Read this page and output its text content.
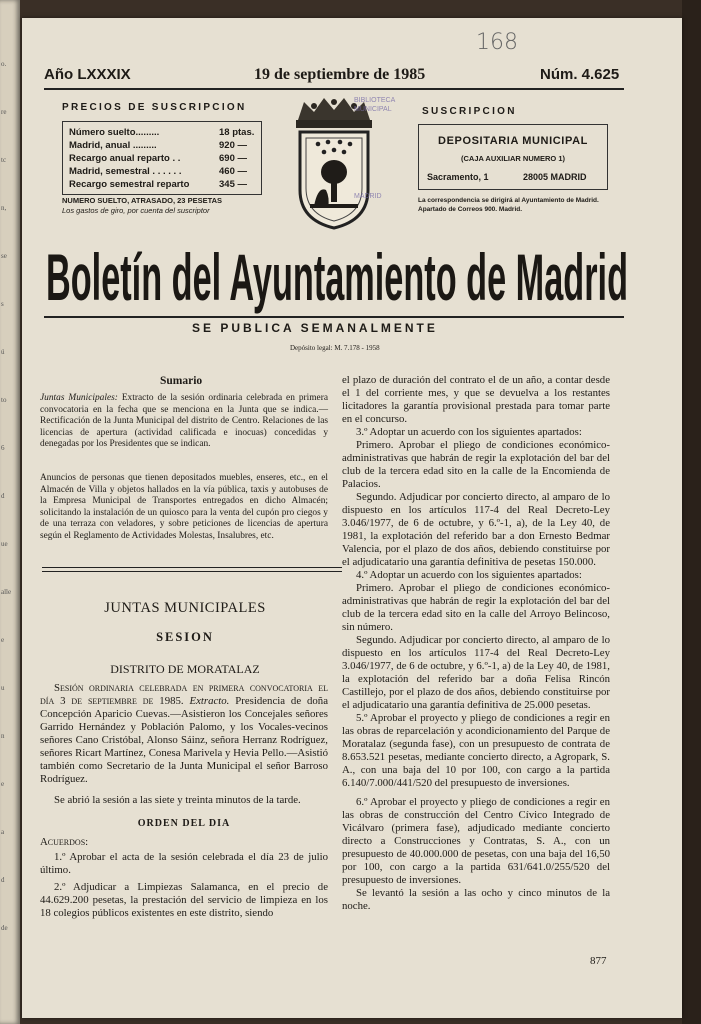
o.
re
tc
n,
se
s
ú
to
6
d
ue
alle
e
u
n
e
a
d
de
168
Año LXXXIX	19 de septiembre de 1985	Núm. 4.625
PRECIOS DE SUSCRIPCION
Número suelto.........	18 ptas.
Madrid, anual .........	920 —
Recargo anual reparto . .	690 —
Madrid, semestral . . . . . .	460 —
Recargo semestral reparto	345 —
NUMERO SUELTO, ATRASADO, 23 PESETAS
Los gastos de giro, por cuenta del suscriptor
BIBLIOTECA
MUNICIPAL
MADRID
SUSCRIPCION
DEPOSITARIA MUNICIPAL
(CAJA AUXILIAR NUMERO 1)
Sacramento, 1	28005 MADRID
La correspondencia se dirigirá al Ayuntamiento de Madrid. Apartado de Correos 900. Madrid.
Boletín del Ayuntamiento de Madrid
SE PUBLICA SEMANALMENTE
Depósito legal: M. 7.178 - 1958
Sumario
Juntas Municipales: Extracto de la sesión ordinaria celebrada en primera convocatoria en la fecha que se menciona en la Junta que se indica.—Rectificación de la Junta Municipal del distrito de Centro. Relaciones de las licencias de apertura (actividad calificada e inocuas) concedidas y denegadas por los Presidentes que se indican.
Anuncios de personas que tienen depositados muebles, enseres, etc., en el Almacén de Villa y objetos hallados en la vía pública, taxis y autobuses de la Empresa Municipal de Transportes entregados en dicho Almacén; solicitando la instalación de un quiosco para la venta del cupón pro ciegos y de una terraza con veladores, y sobre peticiones de licencias de apertura según el Reglamento de Actividades Molestas, Insalubres, etc.
JUNTAS MUNICIPALES
SESION
DISTRITO DE MORATALAZ

Sesión ordinaria celebrada en primera convocatoria el día 3 de septiembre de 1985. Extracto. Presidencia de doña Concepción Aparicio Cuevas.—Asistieron los Concejales señores Garrido Hernández y Población Palomo, y los Vocales-vecinos señores Cano Cristóbal, Alonso Sáinz, señora Herranz Rodríguez, señores Ricart Martínez, Conesa Marivela y Hevia Pello.—Asistió también como Secretario de la Junta Municipal el señor Barroso Rodríguez.

Se abrió la sesión a las siete y treinta minutos de la tarde.

ORDEN DEL DIA

Acuerdos:

1.º Aprobar el acta de la sesión celebrada el día 23 de julio último.

2.º Adjudicar a Limpiezas Salamanca, en el precio de 44.629.200 pesetas, la prestación del servicio de limpieza en los 18 colegios públicos existentes en este distrito, siendo

el plazo de duración del contrato el de un año, a contar desde el 1 del corriente mes, y que se devuelva a los restantes licitadores la garantía provisional prestada para tomar parte en el concurso.

3.º Adoptar un acuerdo con los siguientes apartados:

Primero. Aprobar el pliego de condiciones económico-administrativas que habrán de regir la explotación del bar del club de la tercera edad sito en la calle de la Encomienda de Palacios.

Segundo. Adjudicar por concierto directo, al amparo de lo dispuesto en los artículos 117-4 del Real Decreto-Ley 3.046/1977, de 6 de octubre, y 6.º-1, a), de la Ley 40, de 1981, la explotación del referido bar a don Ernesto Bedmar Valencia, por el plazo de dos años, debiendo constituirse por el adjudicatario una garantía definitiva de pesetas 150.000.

4.º Adoptar un acuerdo con los siguientes apartados:

Primero. Aprobar el pliego de condiciones económico-administrativas que habrán de regir la explotación del bar del club de la tercera edad sito en la calle del Arroyo Belincoso, sin número.

Segundo. Adjudicar por concierto directo, al amparo de lo dispuesto en los artículos 117-4 del Real Decreto-Ley 3.046/1977, de 6 de octubre, y 6.º-1, a) de la Ley 40, de 1981, la explotación del referido bar a doña Felisa Rincón Castillejo, por el plazo de dos años, debiendo constituirse por el adjudicatario una garantía definitiva de 25.000 pesetas.

5.º Aprobar el proyecto y pliego de condiciones a regir en las obras de reparcelación y acondicionamiento del Parque de Moratalaz (segunda fase), con un presupuesto de contrata de 8.653.521 pesetas, mediante concierto directo, a Agropark, S. A., con una baja del 10 por 100, con cargo a la partida 6.140/7.000/441/520 del presupuesto de inversiones.

6.º Aprobar el proyecto y pliego de condiciones a regir en las obras de construcción del Centro Cívico Integrado de Vicálvaro (primera fase), adjudicado mediante concierto directo a Construcciones y Contratas, S. A., con un presupuesto de 40.000.000 de pesetas, con una baja del 16,50 por 100, con cargo a la partida 631/641.0/255/520 del presupuesto de inversiones.

Se levantó la sesión a las ocho y cinco minutos de la noche.

877
